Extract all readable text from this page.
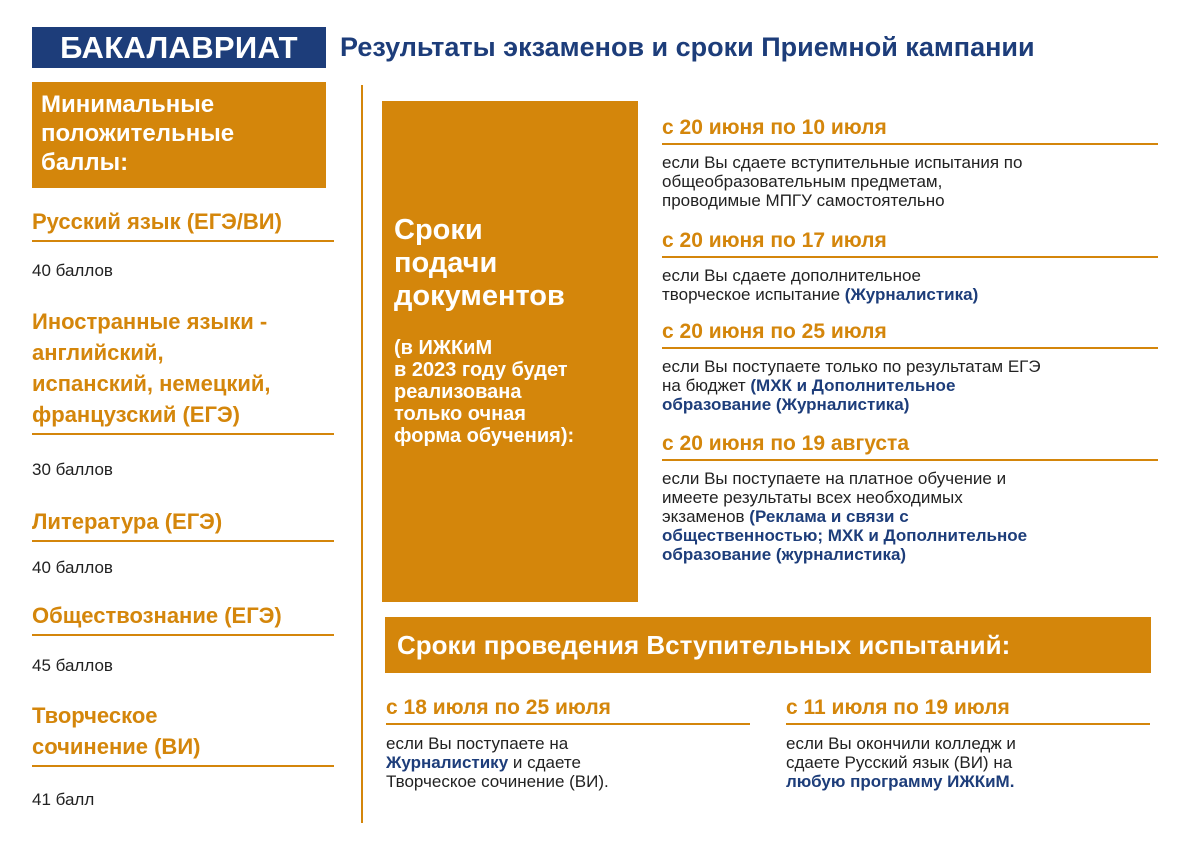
БАКАЛАВРИАТ	Результаты экзаменов и сроки Приемной кампании
Минимальные
положительные
баллы:
Русский язык (ЕГЭ/ВИ)
40 баллов
Иностранные языки -
английский,
испанский, немецкий,
французский (ЕГЭ)
30 баллов
Литература (ЕГЭ)
40 баллов
Обществознание (ЕГЭ)
45 баллов
Творческое
сочинение (ВИ)
41 балл
Сроки
подачи
документов
(в ИЖКиМ
в 2023 году будет
реализована
только очная
форма обучения):
с 20 июня по 10 июля
если Вы сдаете вступительные испытания по
общеобразовательным предметам,
проводимые МПГУ самостоятельно
с 20 июня по 17 июля
если Вы сдаете дополнительное
творческое испытание (Журналистика)
с 20 июня по 25 июля
если Вы поступаете только по результатам ЕГЭ
на бюджет (МХК и Дополнительное
образование (Журналистика)
с 20 июня по 19 августа
если Вы поступаете на платное обучение и
имеете результаты всех необходимых
экзаменов (Реклама и связи с
общественностью; МХК и Дополнительное
образование (журналистика)
Сроки проведения Вступительных испытаний:
с 18 июля по 25 июля
если Вы поступаете на
Журналистику и сдаете
Творческое сочинение (ВИ).
с 11 июля по 19 июля
если Вы окончили колледж и
сдаете Русский язык (ВИ) на
любую программу ИЖКиМ.
